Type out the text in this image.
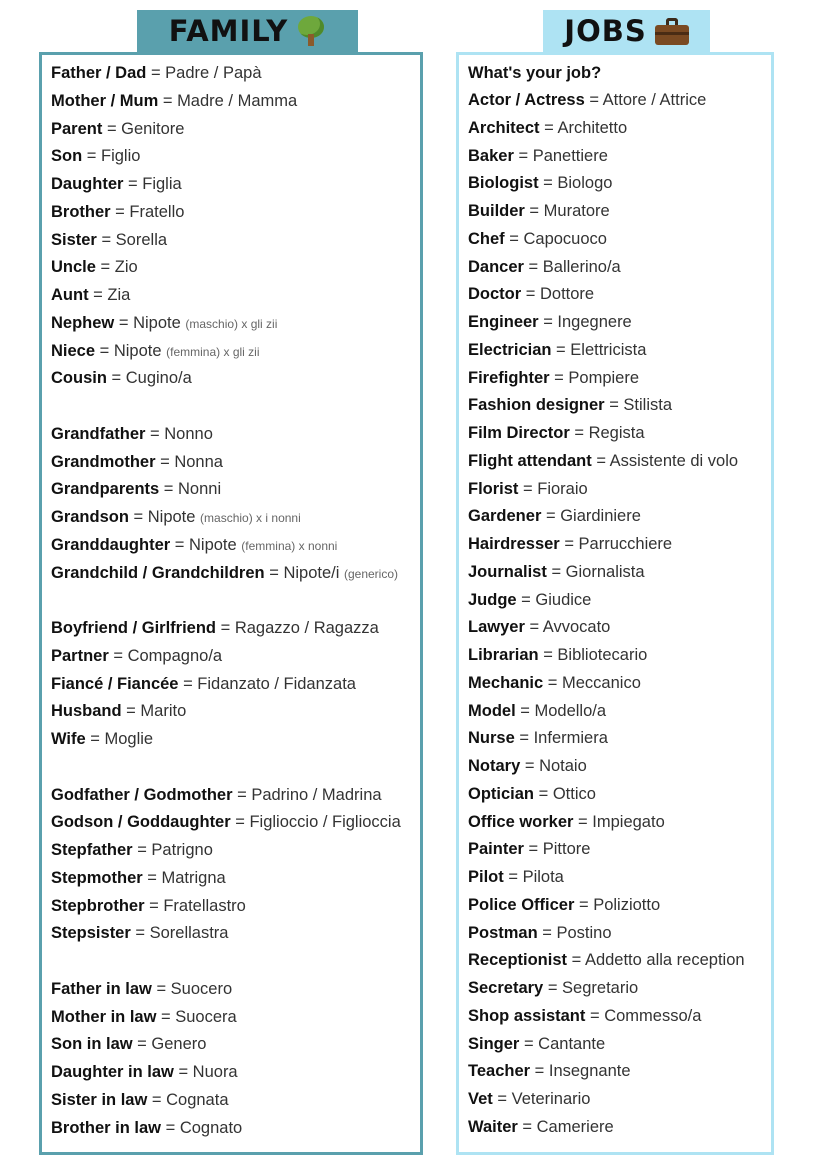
FAMILY	JOBS
Father / Dad = Padre / Papà
Mother / Mum = Madre / Mamma
Parent = Genitore
Son = Figlio
Daughter = Figlia
Brother = Fratello
Sister = Sorella
Uncle = Zio
Aunt = Zia
Nephew = Nipote (maschio) x gli zii
Niece = Nipote (femmina) x gli zii
Cousin = Cugino/a
Grandfather = Nonno
Grandmother = Nonna
Grandparents = Nonni
Grandson = Nipote (maschio) x i nonni
Granddaughter = Nipote (femmina) x nonni
Grandchild / Grandchildren = Nipote/i (generico)
Boyfriend / Girlfriend = Ragazzo / Ragazza
Partner = Compagno/a
Fiancé / Fiancée = Fidanzato / Fidanzata
Husband = Marito
Wife = Moglie
Godfather / Godmother = Padrino / Madrina
Godson / Goddaughter = Figlioccio / Figlioccia
Stepfather = Patrigno
Stepmother = Matrigna
Stepbrother = Fratellastro
Stepsister = Sorellastra
Father in law = Suocero
Mother in law = Suocera
Son in law = Genero
Daughter in law = Nuora
Sister in law = Cognata
Brother in law = Cognato
What's your job?
Actor / Actress = Attore / Attrice
Architect = Architetto
Baker = Panettiere
Biologist = Biologo
Builder = Muratore
Chef = Capocuoco
Dancer = Ballerino/a
Doctor = Dottore
Engineer = Ingegnere
Electrician = Elettricista
Firefighter = Pompiere
Fashion designer = Stilista
Film Director = Regista
Flight attendant = Assistente di volo
Florist = Fioraio
Gardener = Giardiniere
Hairdresser = Parrucchiere
Journalist = Giornalista
Judge = Giudice
Lawyer = Avvocato
Librarian = Bibliotecario
Mechanic = Meccanico
Model = Modello/a
Nurse = Infermiera
Notary = Notaio
Optician = Ottico
Office worker = Impiegato
Painter = Pittore
Pilot = Pilota
Police Officer = Poliziotto
Postman = Postino
Receptionist = Addetto alla reception
Secretary = Segretario
Shop assistant = Commesso/a
Singer = Cantante
Teacher = Insegnante
Vet = Veterinario
Waiter = Cameriere
